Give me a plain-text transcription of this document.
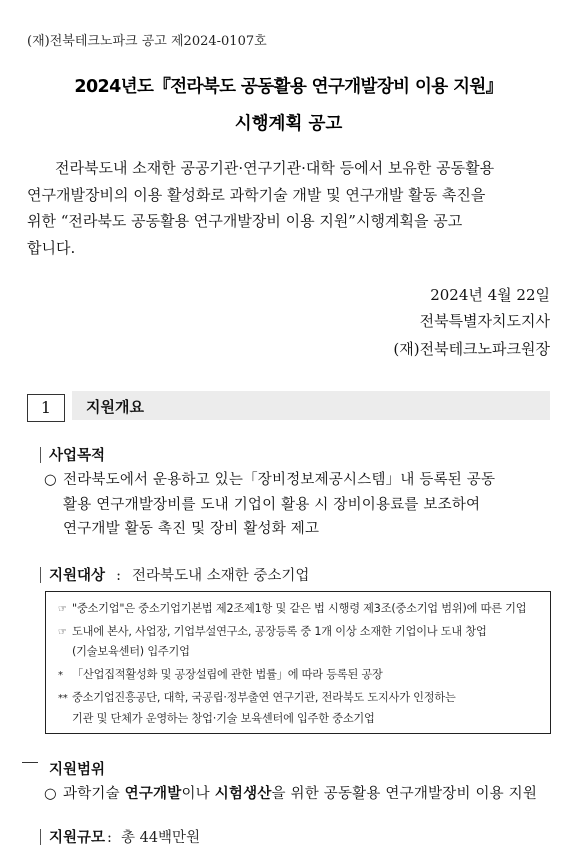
(재)전북테크노파크 공고 제2024-0107호
2024년도『전라북도 공동활용 연구개발장비 이용 지원』
시행계획 공고
전라북도내 소재한 공공기관·연구기관·대학 등에서 보유한 공동활용
연구개발장비의 이용 활성화로 과학기술 개발 및 연구개발 활동 촉진을
위한 “전라북도 공동활용 연구개발장비 이용 지원”시행계획을 공고
합니다.
2024년 4월 22일
전북특별자치도지사
(재)전북테크노파크원장
1	지원개요
사업목적
○ 전라북도에서 운용하고 있는「장비정보제공시스템」내 등록된 공동
활용 연구개발장비를 도내 기업이 활용 시 장비이용료를 보조하여
연구개발 활동 촉진 및 장비 활성화 제고
지원대상 : 전라북도내 소재한 중소기업
☞ "중소기업"은 중소기업기본법 제2조제1항 및 같은 법 시행령 제3조(중소기업 범위)에 따른 기업
☞ 도내에 본사, 사업장, 기업부설연구소, 공장등록 중 1개 이상 소재한 기업이나 도내 창업
(기술보육센터) 입주기업
* 「산업집적활성화 및 공장설립에 관한 법률」에 따라 등록된 공장
** 중소기업진흥공단, 대학, 국공립·정부출연 연구기관, 전라북도 도지사가 인정하는
기관 및 단체가 운영하는 창업·기술 보육센터에 입주한 중소기업
지원범위
○ 과학기술 연구개발이나 시험생산을 위한 공동활용 연구개발장비 이용 지원
지원규모 : 총 44백만원
